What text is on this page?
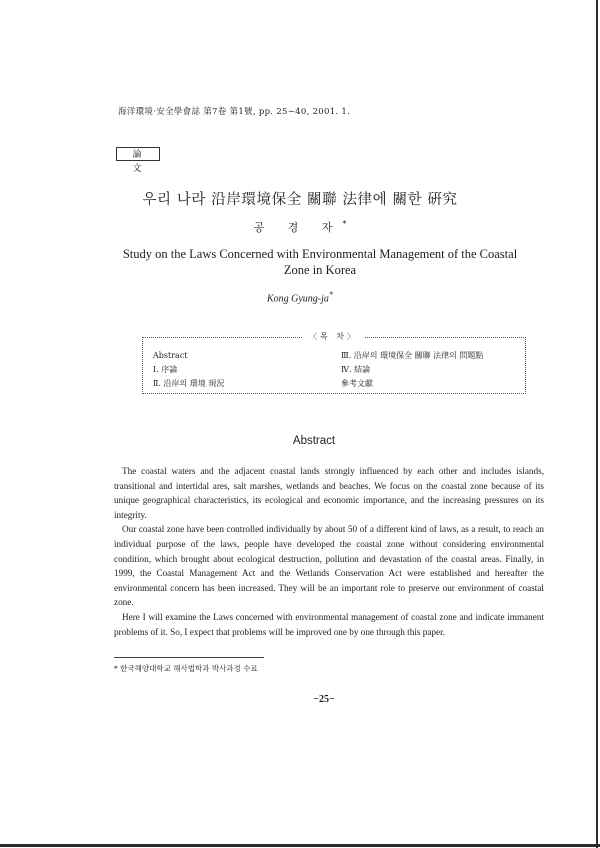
海洋環境·安全學會誌 第7卷 第1號, pp. 25∼40, 2001. 1.
論 文
우리 나라 沿岸環境保全 關聯 法律에 關한 硏究
공 경 자*
Study on the Laws Concerned with Environmental Management of the Coastal Zone in Korea
Kong Gyung-ja*
〈목 차〉
Abstract
Ⅰ. 序論
Ⅱ. 沿岸의 環境 現況
Ⅲ. 沿岸의 環境保全 關聯 法律의 問題點
Ⅳ. 結論
參考文獻
Abstract

The coastal waters and the adjacent coastal lands strongly influenced by each other and includes islands, transitional and intertidal ares, salt marshes, wetlands and beaches. We focus on the coastal zone because of its unique geographical characteristics, its ecological and economic importance, and the increasing pressures on its integrity.

Our coastal zone have been controlled individually by about 50 of a different kind of laws, as a result, to reach an individual purpose of the laws, people have developed the coastal zone without considering environmental condition, which brought about ecological destruction, pollution and devastation of the coastal areas. Finally, in 1999, the Coastal Management Act and the Wetlands Conservation Act were established and hereafter the environmental concern has been increased. They will be an important role to preserve our environment of coastal zone.

Here I will examine the Laws concerned with environmental management of coastal zone and indicate immanent problems of it. So, I expect that problems will be improved one by one through this paper.

* 한국해양대학교 해사법학과 박사과정 수료
−25−
